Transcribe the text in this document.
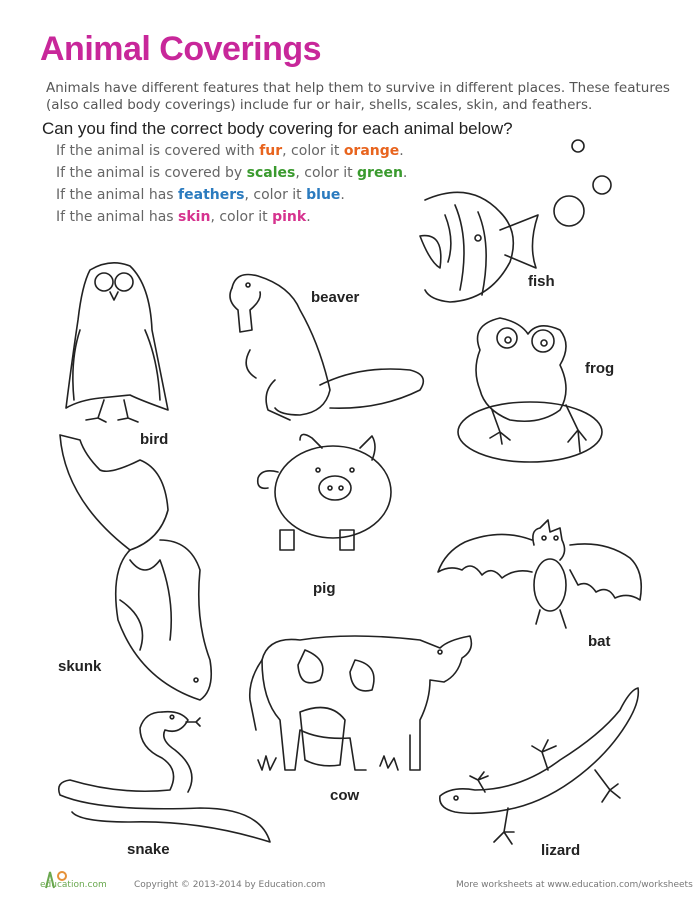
Animal Coverings

Animals have different features that help them to survive in different places. These features (also called body coverings) include fur or hair, shells, scales, skin, and feathers.

Can you find the correct body covering for each animal below?

If the animal is covered with fur, color it orange.
If the animal is covered by scales, color it green.
If the animal has feathers, color it blue.
If the animal has skin, color it pink.
fish
beaver
frog
bird
skunk
pig
bat
cow
snake	lizard
education.com	Copyright © 2013-2014 by Education.com	More worksheets at www.education.com/worksheets
